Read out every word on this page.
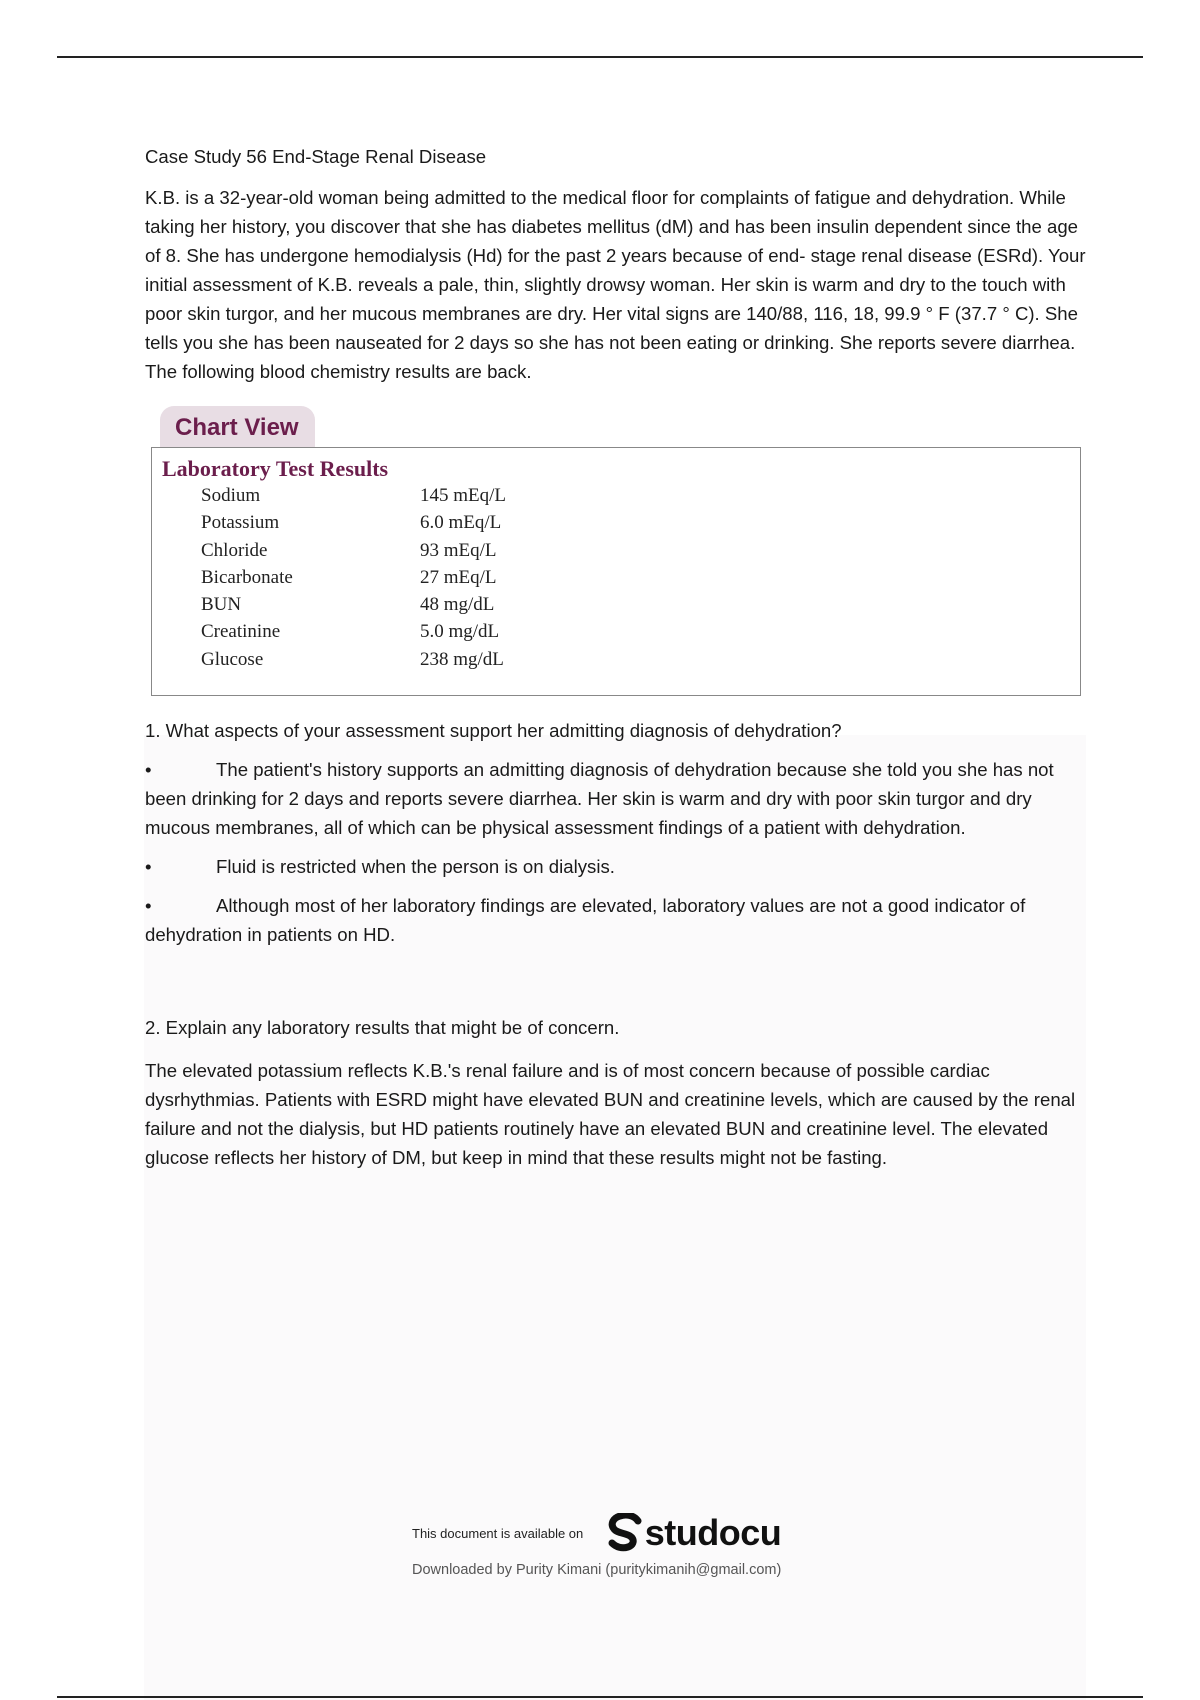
Case Study 56 End-Stage Renal Disease

K.B. is a 32-year-old woman being admitted to the medical floor for complaints of fatigue and dehydration. While taking her history, you discover that she has diabetes mellitus (dM) and has been insulin dependent since the age of 8. She has undergone hemodialysis (Hd) for the past 2 years because of end- stage renal disease (ESRd). Your initial assessment of K.B. reveals a pale, thin, slightly drowsy woman. Her skin is warm and dry to the touch with poor skin turgor, and her mucous membranes are dry. Her vital signs are 140/88, 116, 18, 99.9 ° F (37.7 ° C). She tells you she has been nauseated for 2 days so she has not been eating or drinking. She reports severe diarrhea. The following blood chemistry results are back.

Chart View
Laboratory Test Results
Sodium	145 mEq/L
Potassium	6.0 mEq/L
Chloride	93 mEq/L
Bicarbonate	27 mEq/L
BUN	48 mg/dL
Creatinine	5.0 mg/dL
Glucose	238 mg/dL

1. What aspects of your assessment support her admitting diagnosis of dehydration?

•	The patient's history supports an admitting diagnosis of dehydration because she told you she has not been drinking for 2 days and reports severe diarrhea. Her skin is warm and dry with poor skin turgor and dry mucous membranes, all of which can be physical assessment findings of a patient with dehydration.

•	Fluid is restricted when the person is on dialysis.

•	Although most of her laboratory findings are elevated, laboratory values are not a good indicator of dehydration in patients on HD.

2. Explain any laboratory results that might be of concern.

The elevated potassium reflects K.B.'s renal failure and is of most concern because of possible cardiac dysrhythmias. Patients with ESRD might have elevated BUN and creatinine levels, which are caused by the renal failure and not the dialysis, but HD patients routinely have an elevated BUN and creatinine level. The elevated glucose reflects her history of DM, but keep in mind that these results might not be fasting.

This document is available on studocu
Downloaded by Purity Kimani (puritykimanih@gmail.com)
